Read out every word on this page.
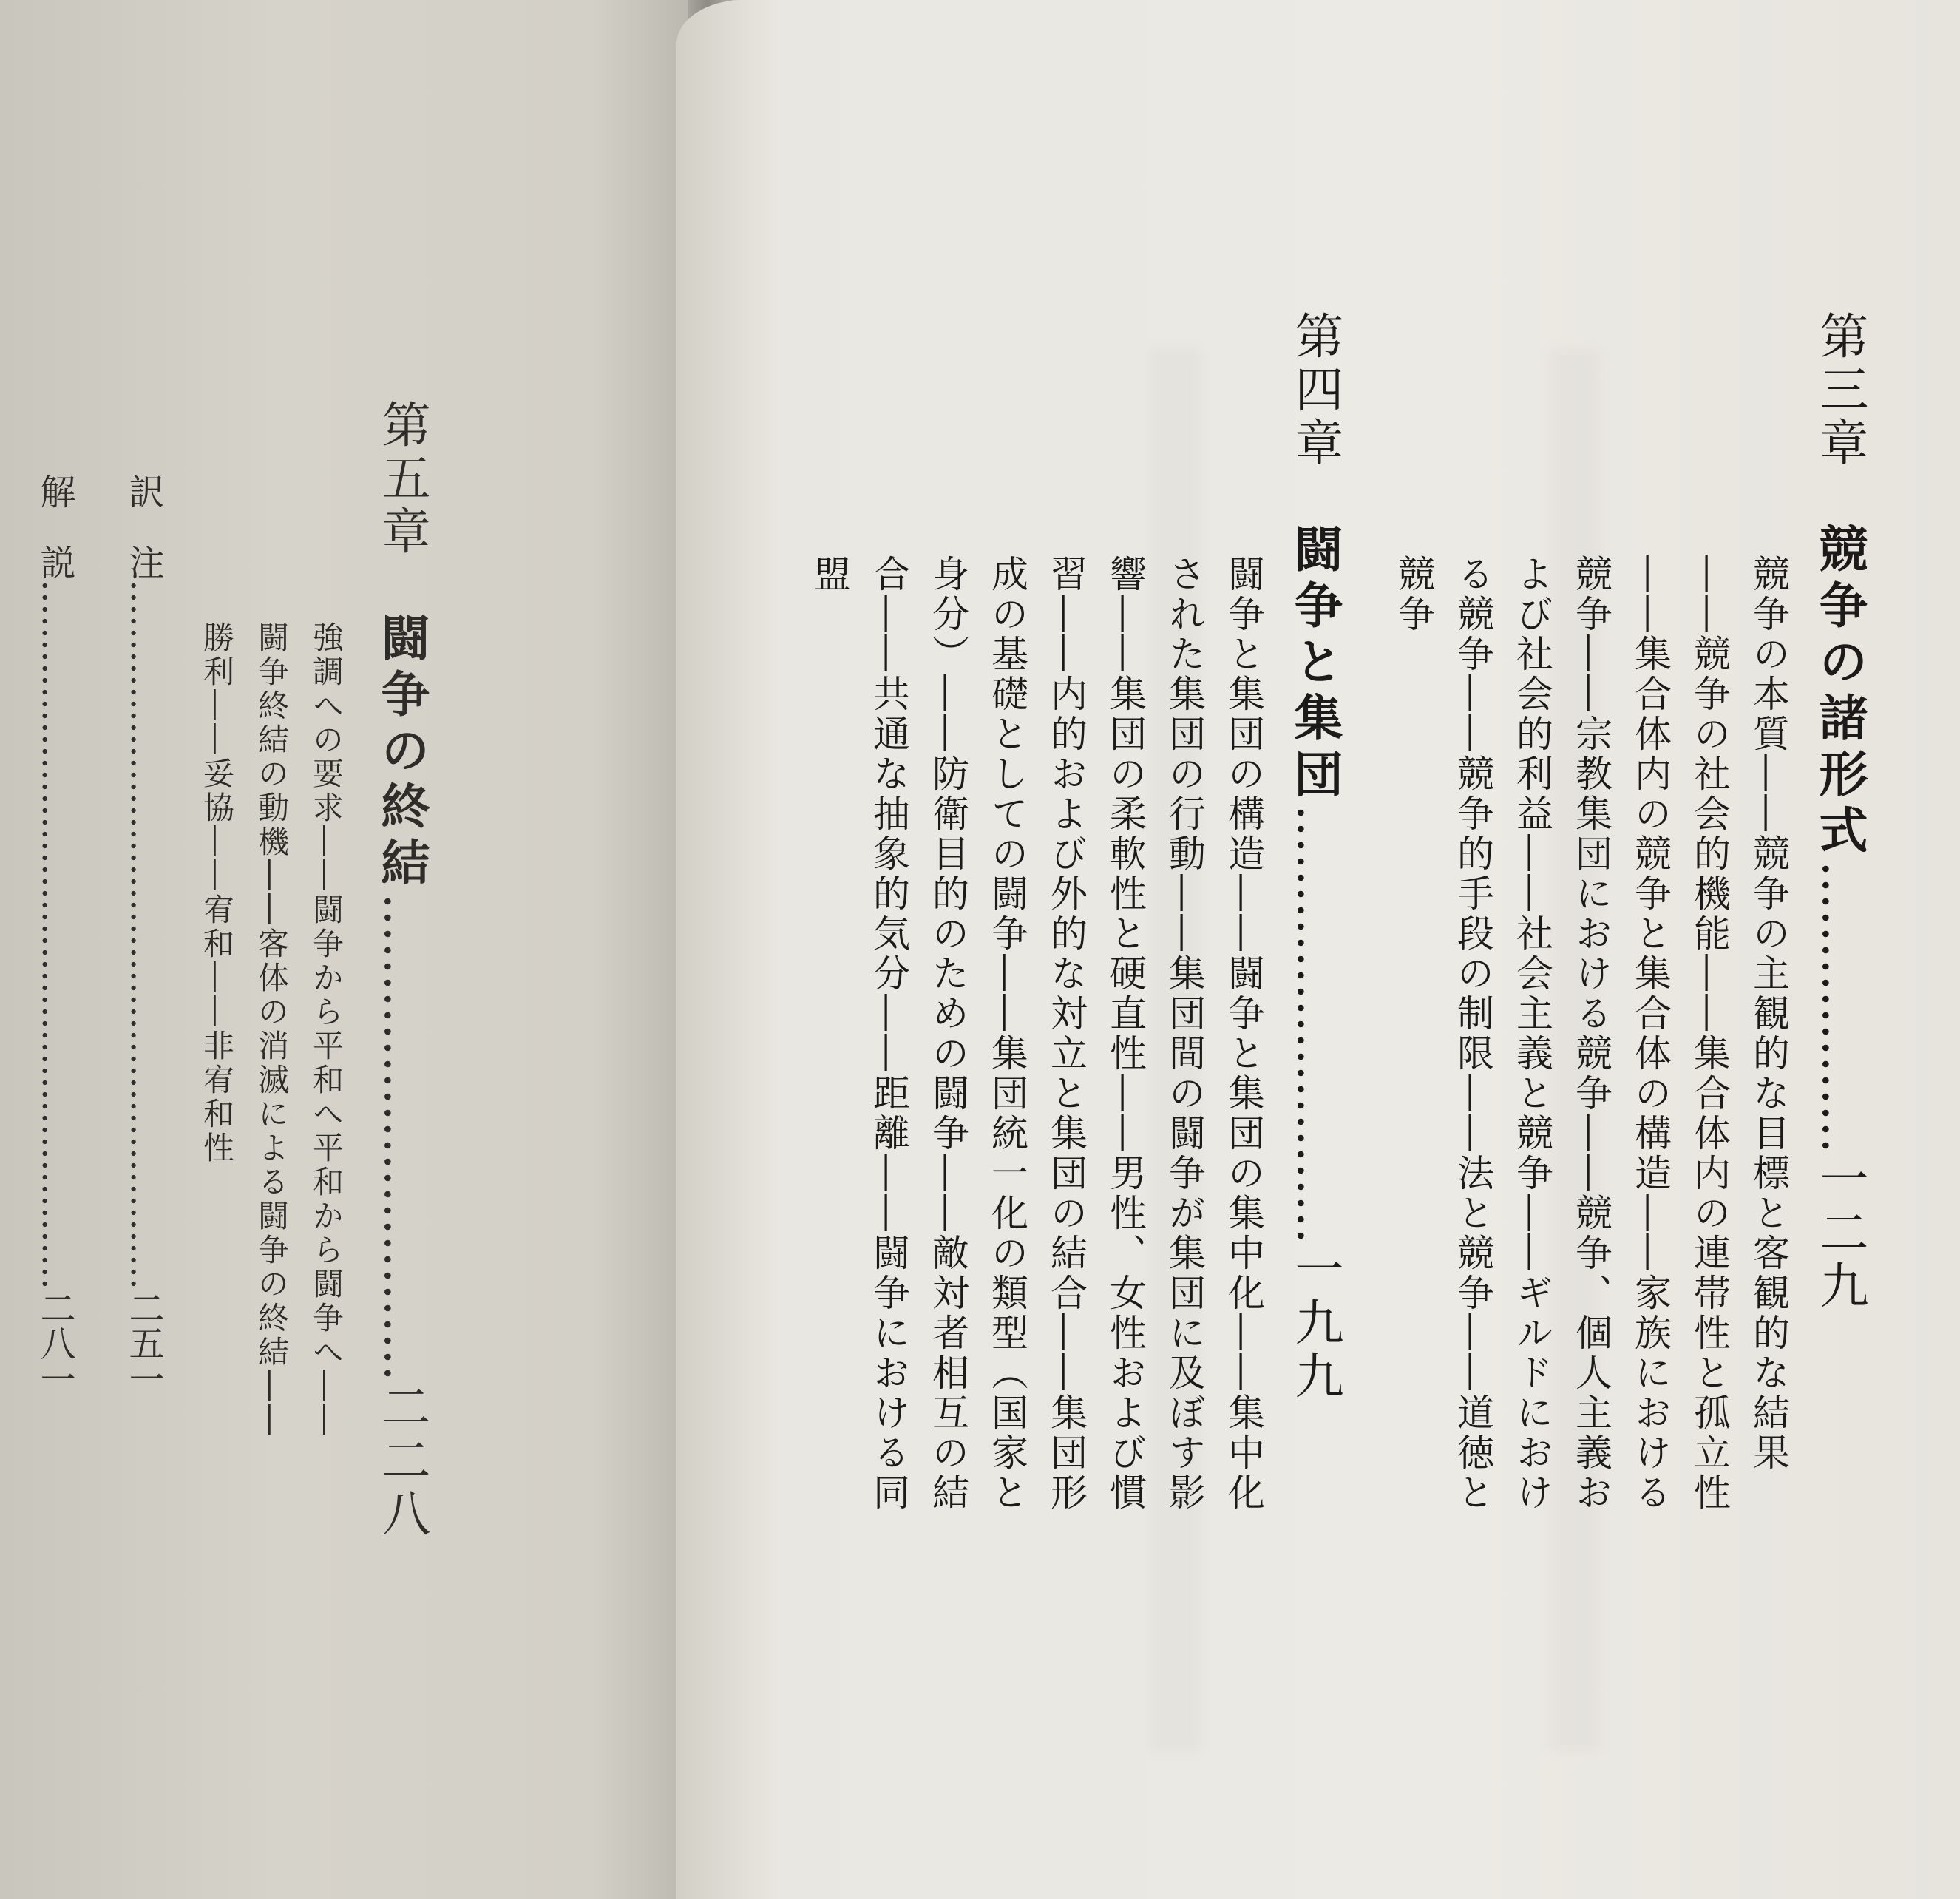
第五章　闘争の終結…………………………二二八
強調への要求――闘争から平和へ平和から闘争へ――
闘争終結の動機――客体の消滅による闘争の終結――
勝利――妥協――宥和――非宥和性
訳　注……………………………………………………二五一
解　説……………………………………………………二八一
第三章　競争の諸形式………………一二九
競争の本質――競争の主観的な目標と客観的な結果
――競争の社会的機能――集合体内の連帯性と孤立性
――集合体内の競争と集合体の構造――家族における
競争――宗教集団における競争――競争、個人主義お
よび社会的利益――社会主義と競争――ギルドにおけ
る競争――競争的手段の制限――法と競争――道徳と
競争
第四章　闘争と集団………………………一九九
闘争と集団の構造――闘争と集団の集中化――集中化
された集団の行動――集団間の闘争が集団に及ぼす影
響――集団の柔軟性と硬直性――男性、女性および慣
習――内的および外的な対立と集団の結合――集団形
成の基礎としての闘争――集団統一化の類型（国家と
身分）――防衛目的のための闘争――敵対者相互の結
合――共通な抽象的気分――距離――闘争における同
盟
